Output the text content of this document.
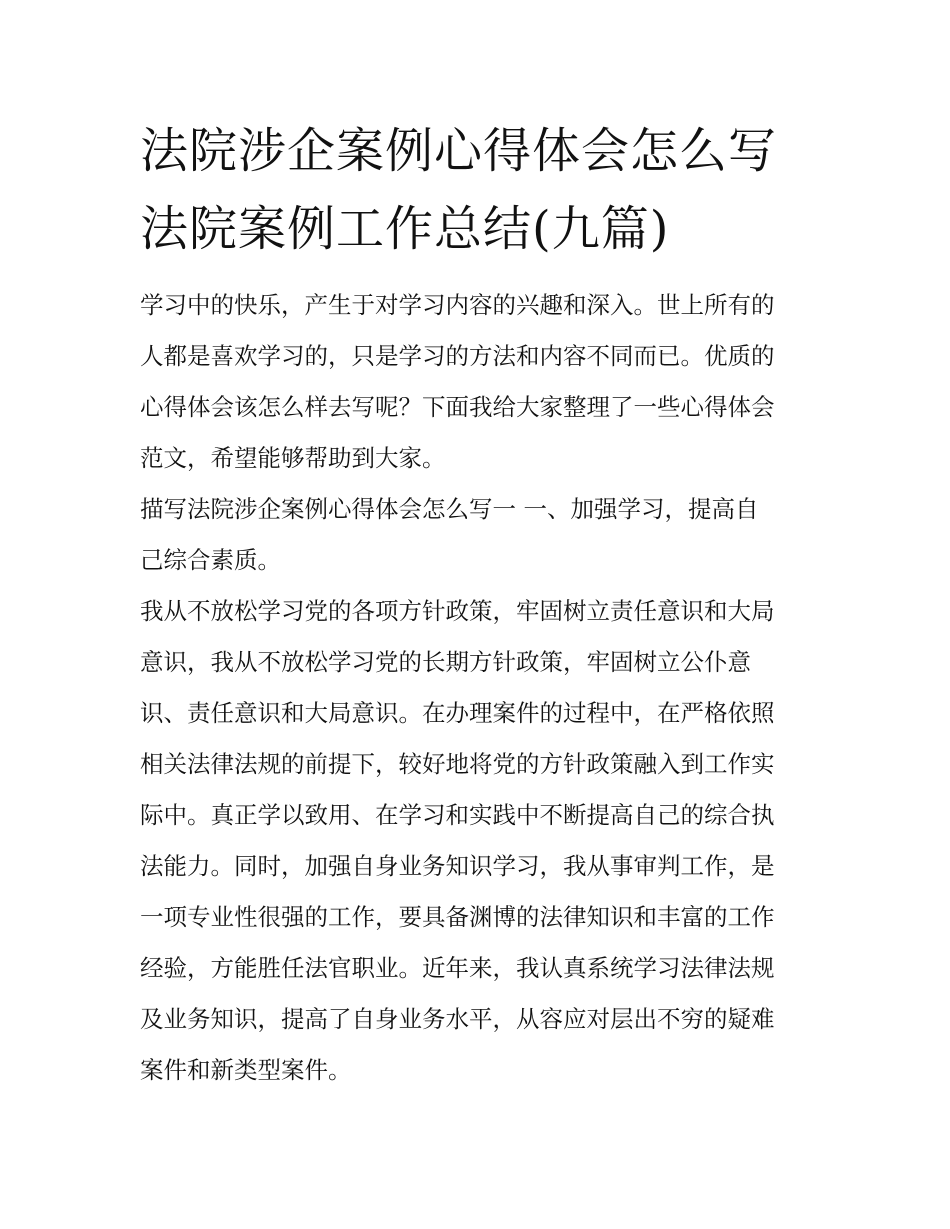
法院涉企案例心得体会怎么写
法院案例工作总结(九篇)
学习中的快乐，产生于对学习内容的兴趣和深入。世上所有的
人都是喜欢学习的，只是学习的方法和内容不同而已。优质的
心得体会该怎么样去写呢？下面我给大家整理了一些心得体会
范文，希望能够帮助到大家。
描写法院涉企案例心得体会怎么写一 一、加强学习，提高自
己综合素质。
我从不放松学习党的各项方针政策，牢固树立责任意识和大局
意识，我从不放松学习党的长期方针政策，牢固树立公仆意
识、责任意识和大局意识。在办理案件的过程中，在严格依照
相关法律法规的前提下，较好地将党的方针政策融入到工作实
际中。真正学以致用、在学习和实践中不断提高自己的综合执
法能力。同时，加强自身业务知识学习，我从事审判工作，是
一项专业性很强的工作，要具备渊博的法律知识和丰富的工作
经验，方能胜任法官职业。近年来，我认真系统学习法律法规
及业务知识，提高了自身业务水平，从容应对层出不穷的疑难
案件和新类型案件。
